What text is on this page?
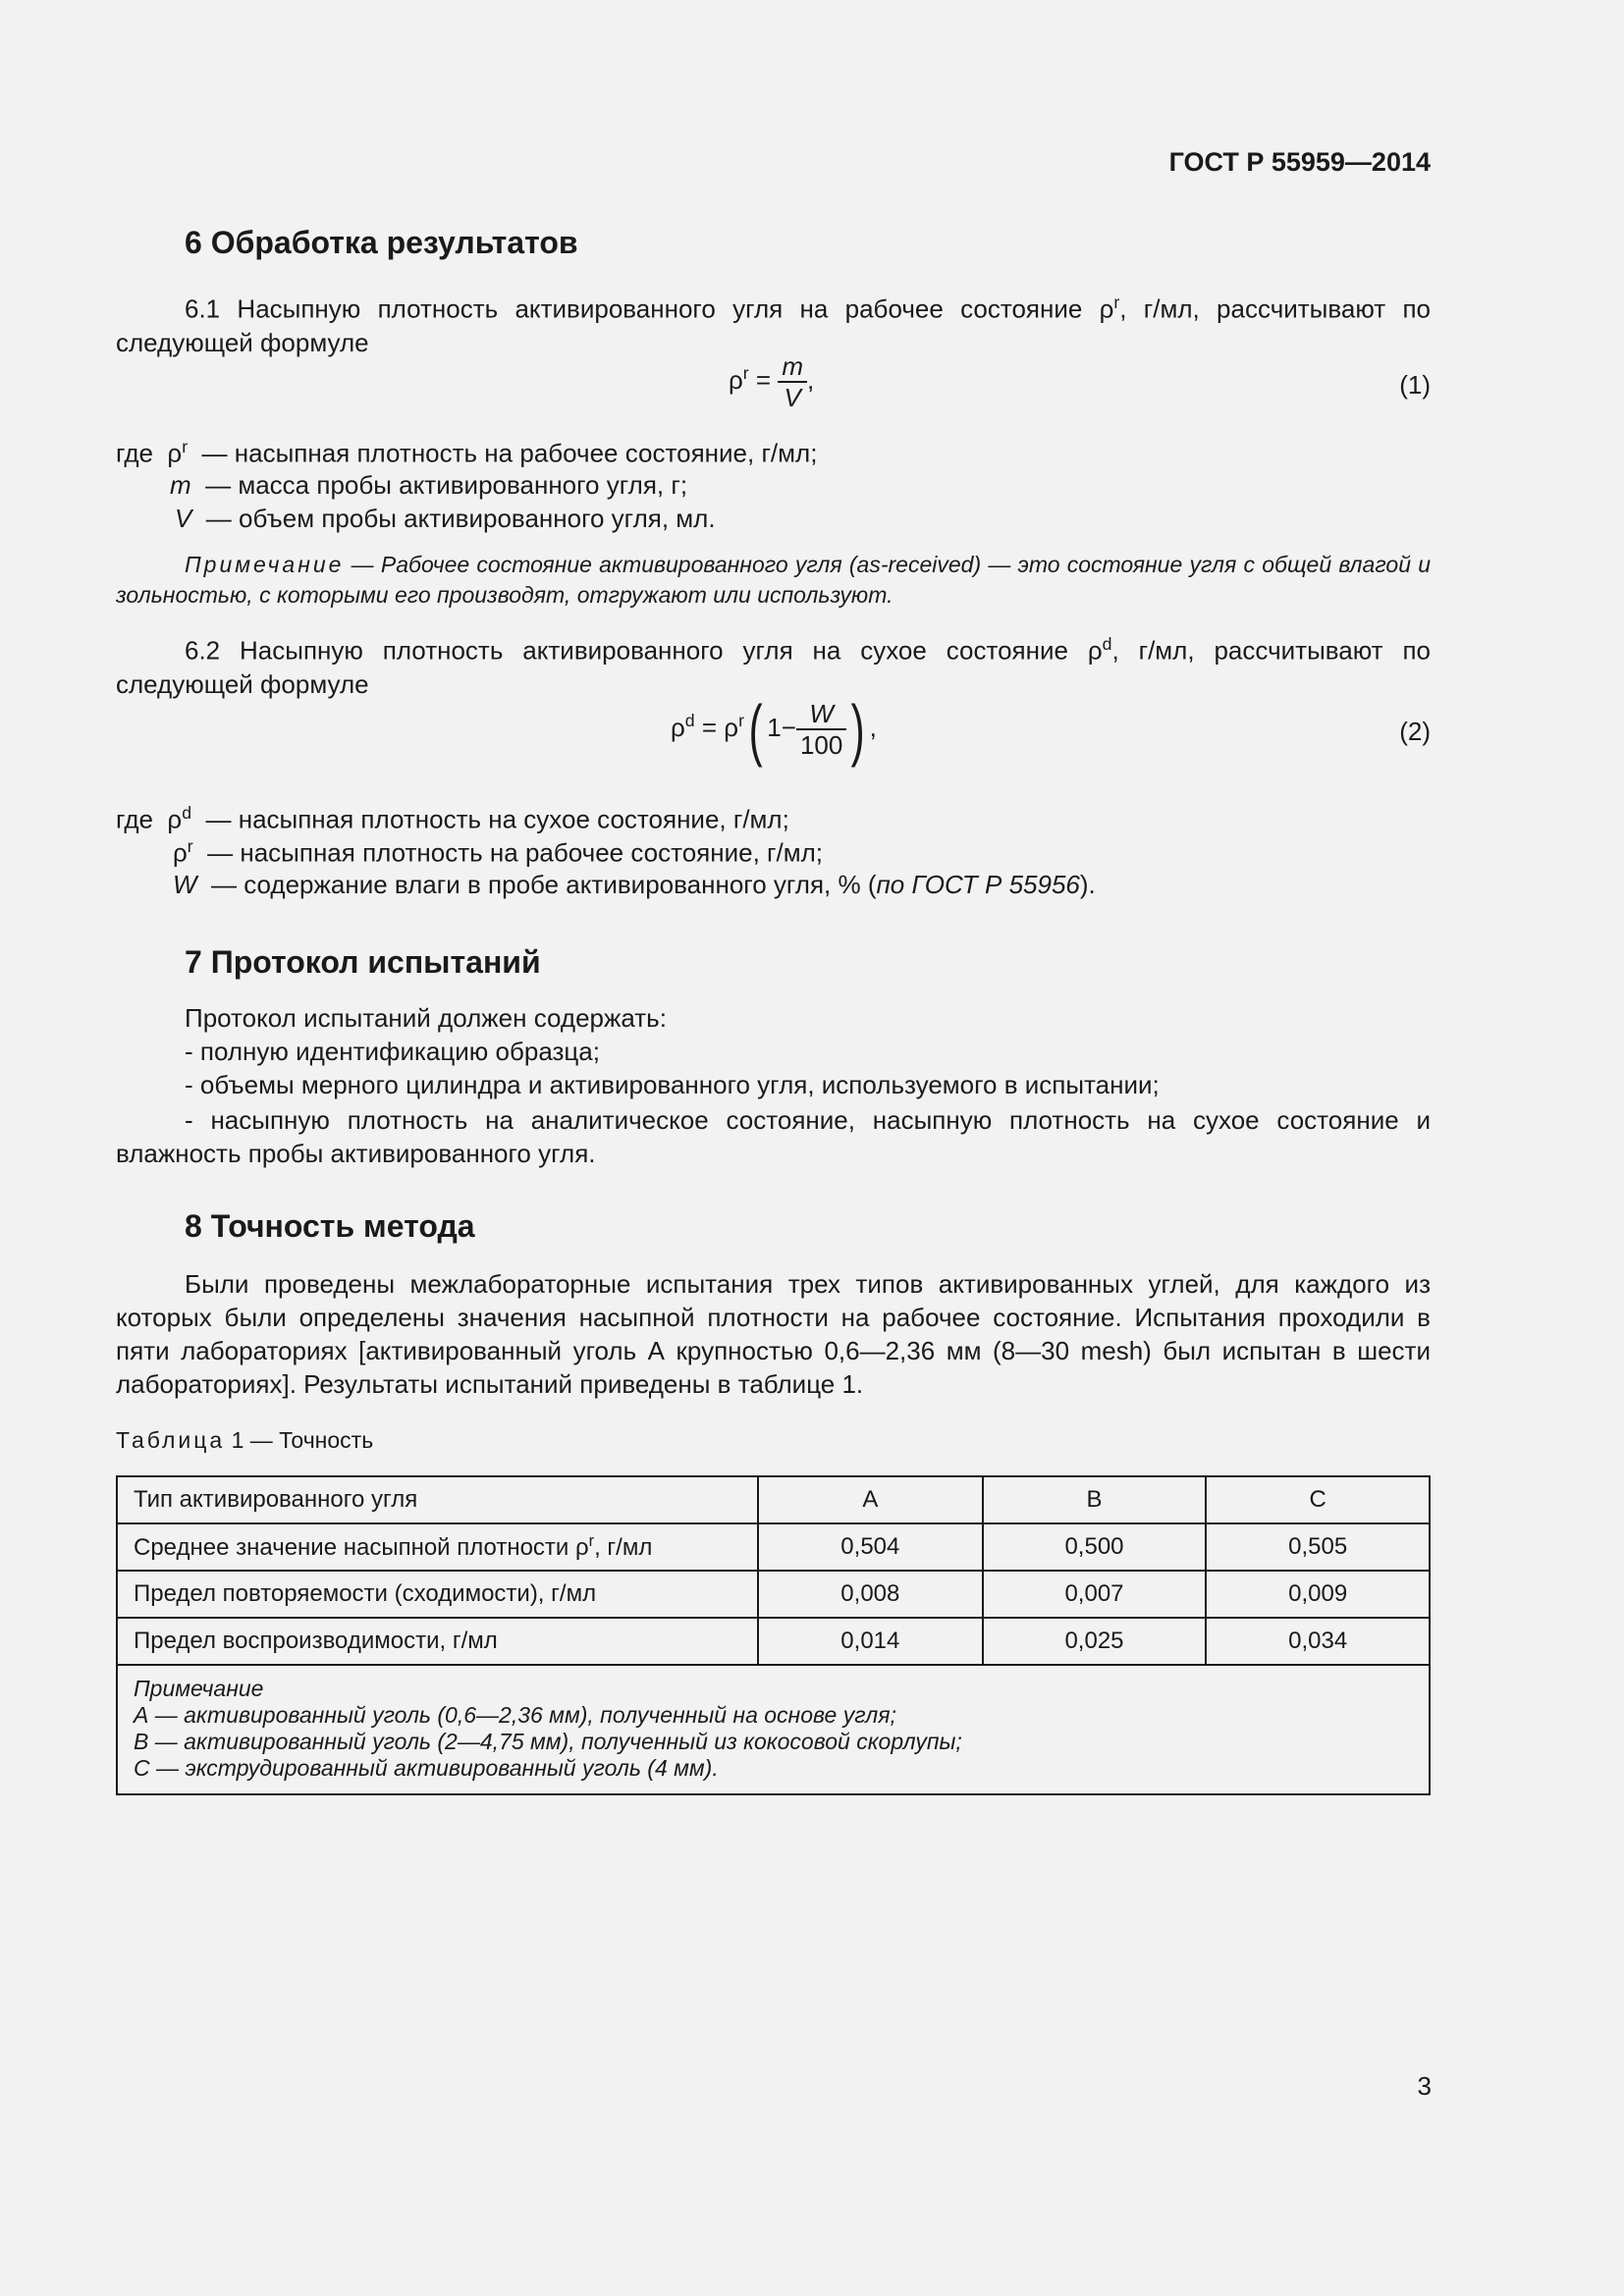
ГОСТ Р 55959—2014
6 Обработка результатов
6.1 Насыпную плотность активированного угля на рабочее состояние $\rho^r$, г/мл, рассчитывают по следующей формуле
$\rho^r = \frac{m}{V}$ ,	(1)
где $\rho^r$ — насыпная плотность на рабочее состояние, г/мл;
m — масса пробы активированного угля, г;
V — объем пробы активированного угля, мл.
Примечание — Рабочее состояние активированного угля (as-received) — это состояние угля с общей влагой и зольностью, с которыми его производят, отгружают или используют.
6.2 Насыпную плотность активированного угля на сухое состояние $\rho^d$, г/мл, рассчитывают по следующей формуле
$\rho^d = \rho^r$( $1- \frac{W}{100}$ ) ,	(2)
где $\rho^d$ — насыпная плотность на сухое состояние, г/мл;
$\rho^r$ — насыпная плотность на рабочее состояние, г/мл;
W — содержание влаги в пробе активированного угля, % (по ГОСТ Р 55956).
7 Протокол испытаний
Протокол испытаний должен содержать:
- полную идентификацию образца;
- объемы мерного цилиндра и активированного угля, используемого в испытании;
- насыпную плотность на аналитическое состояние, насыпную плотность на сухое состояние и влажность пробы активированного угля.
8 Точность метода
Были проведены межлабораторные испытания трех типов активированных углей, для каждого из которых были определены значения насыпной плотности на рабочее состояние. Испытания проходили в пяти лабораториях [активированный уголь А крупностью 0,6—2,36 мм (8—30 mesh) был испытан в шести лабораториях]. Результаты испытаний приведены в таблице 1.
Таблица 1 — Точность
Тип активированного угля	А	В	С
Среднее значение насыпной плотности $\rho^r$, г/мл	0,504	0,500	0,505
Предел повторяемости (сходимости), г/мл	0,008	0,007	0,009
Предел воспроизводимости, г/мл	0,014	0,025	0,034

Примечание
А — активированный уголь (0,6—2,36 мм), полученный на основе угля;
В — активированный уголь (2—4,75 мм), полученный из кокосовой скорлупы;
С — экструдированный активированный уголь (4 мм).			
3
